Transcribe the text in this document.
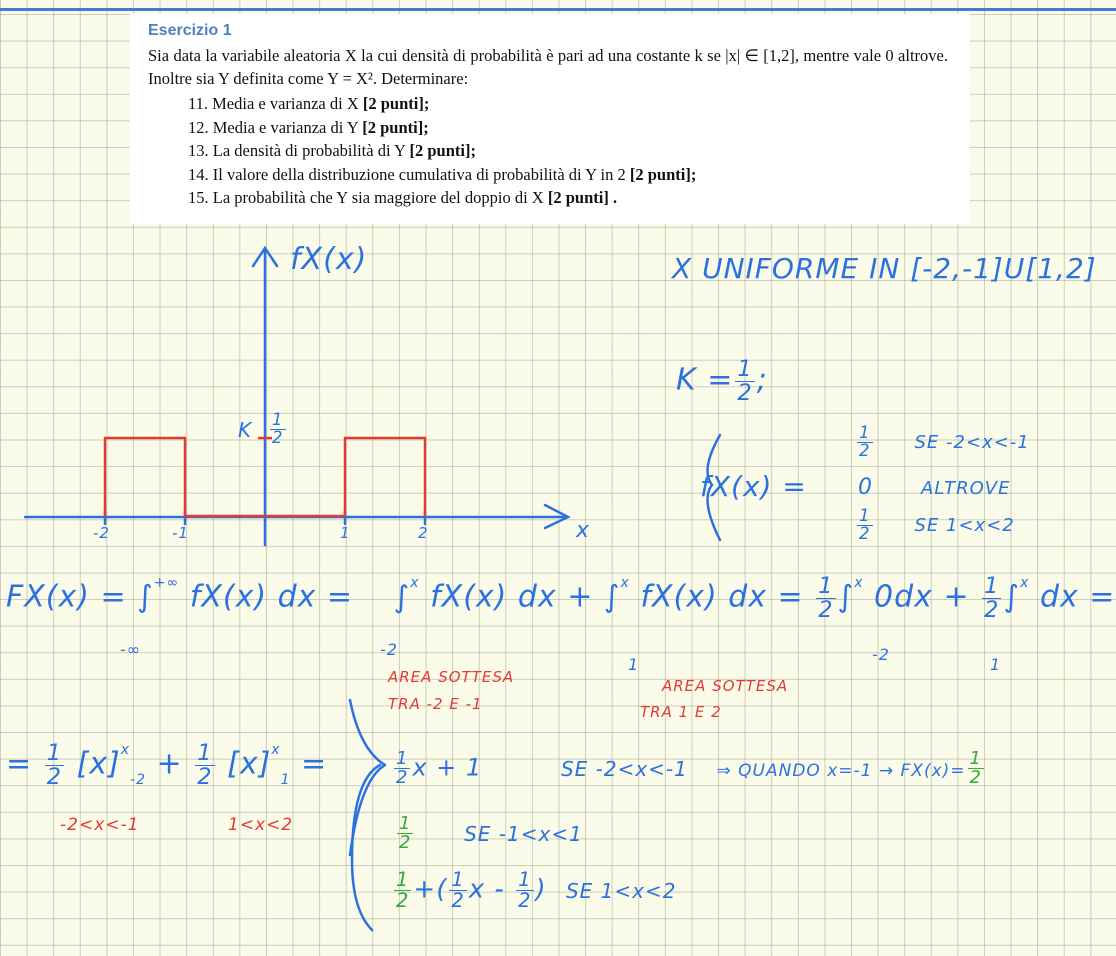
Esercizio 1
Sia data la variabile aleatoria X la cui densità di probabilità è pari ad una costante k se |x| ∈ [1,2], mentre vale 0 altrove. Inoltre sia Y definita come Y = X². Determinare:
11. Media e varianza di X [2 punti];
12. Media e varianza di Y [2 punti];
13. La densità di probabilità di Y [2 punti];
14. Il valore della distribuzione cumulativa di probabilità di Y in 2 [2 punti];
15. La probabilità che Y sia maggiore del doppio di X [2 punti] .
fX(x)
x
K $\frac{1}{2}$
-2	-1	1	2
X UNIFORME IN [-2,-1]U[1,2]
$K = \frac{1}{2}$ ;
fX(x) =
$\frac{1}{2}$ SE -2<x<-1
0	ALTROVE
$\frac{1}{2}$ SE 1<x<2
FX(x) = ∫+∞ fX(x) dx = ∫$^x$ fX(x) dx + ∫$^x$ fX(x) dx = $\frac{1}{2} \int^x$ $0dx + \frac{1}{2} \int^x$ dx =
-∞	-2
1
-2
1
AREA SOTTESA
TRA -2 E -1
AREA SOTTESA
TRA 1 E 2
= $\frac{1}{2} [x]^x-2 + \frac{1}{2} [x]^x1$ =
-2<x<-1	1<x<2
$\frac{1}{2}$ x + 1	SE -2<x<-1 ⇒ QUANDO $x=-1 \to FX(x)= \frac{1}{2}$
$\frac{1}{2}$	SE -1<x<1
$\frac{1}{2}$ +( $\frac{1}{2}$ x - $\frac{1}{2}$ ) SE 1<x<2
